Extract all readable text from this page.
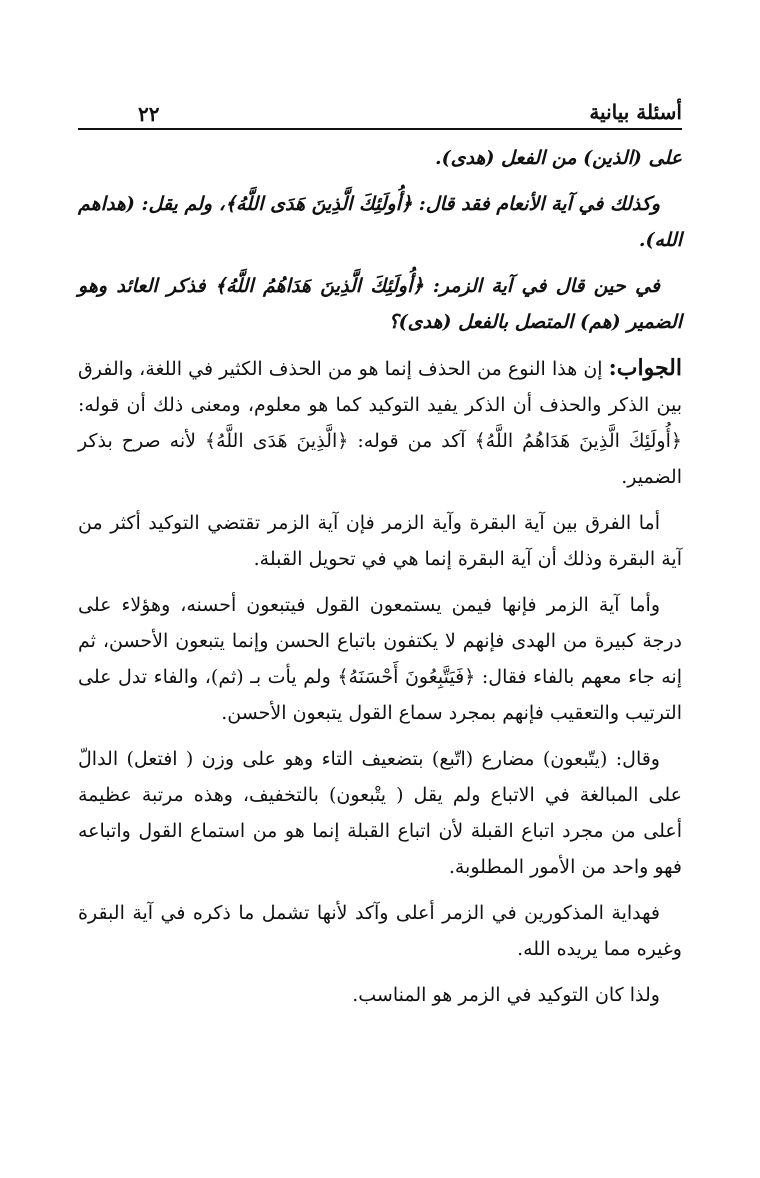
أسئلة بيانية
٢٢

على (الذين) من الفعل (هدى).

وكذلك في آية الأنعام فقد قال: ﴿أُولَئِكَ الَّذِينَ هَدَى اللَّهُ﴾، ولم يقل: (هداهم الله).

في حين قال في آية الزمر: ﴿أُولَئِكَ الَّذِينَ هَدَاهُمُ اللَّهُ﴾ فذكر العائد وهو الضمير (هم) المتصل بالفعل (هدى)؟

الجواب: إن هذا النوع من الحذف إنما هو من الحذف الكثير في اللغة، والفرق بين الذكر والحذف أن الذكر يفيد التوكيد كما هو معلوم، ومعنى ذلك أن قوله: ﴿أُولَئِكَ الَّذِينَ هَدَاهُمُ اللَّهُ﴾ آكد من قوله: ﴿الَّذِينَ هَدَى اللَّهُ﴾ لأنه صرح بذكر الضمير.

أما الفرق بين آية البقرة وآية الزمر فإن آية الزمر تقتضي التوكيد أكثر من آية البقرة وذلك أن آية البقرة إنما هي في تحويل القبلة.

وأما آية الزمر فإنها فيمن يستمعون القول فيتبعون أحسنه، وهؤلاء على درجة كبيرة من الهدى فإنهم لا يكتفون باتباع الحسن وإنما يتبعون الأحسن، ثم إنه جاء معهم بالفاء فقال: ﴿فَيَتَّبِعُونَ أَحْسَنَهُ﴾ ولم يأت بـ (ثم)، والفاء تدل على الترتيب والتعقيب فإنهم بمجرد سماع القول يتبعون الأحسن.

وقال: (يتّبعون) مضارع (اتّبع) بتضعيف التاء وهو على وزن ( افتعل) الدالّ على المبالغة في الاتباع ولم يقل ( يتْبعون) بالتخفيف، وهذه مرتبة عظيمة أعلى من مجرد اتباع القبلة لأن اتباع القبلة إنما هو من استماع القول واتباعه فهو واحد من الأمور المطلوبة.

فهداية المذكورين في الزمر أعلى وآكد لأنها تشمل ما ذكره في آية البقرة وغيره مما يريده الله.

ولذا كان التوكيد في الزمر هو المناسب.
